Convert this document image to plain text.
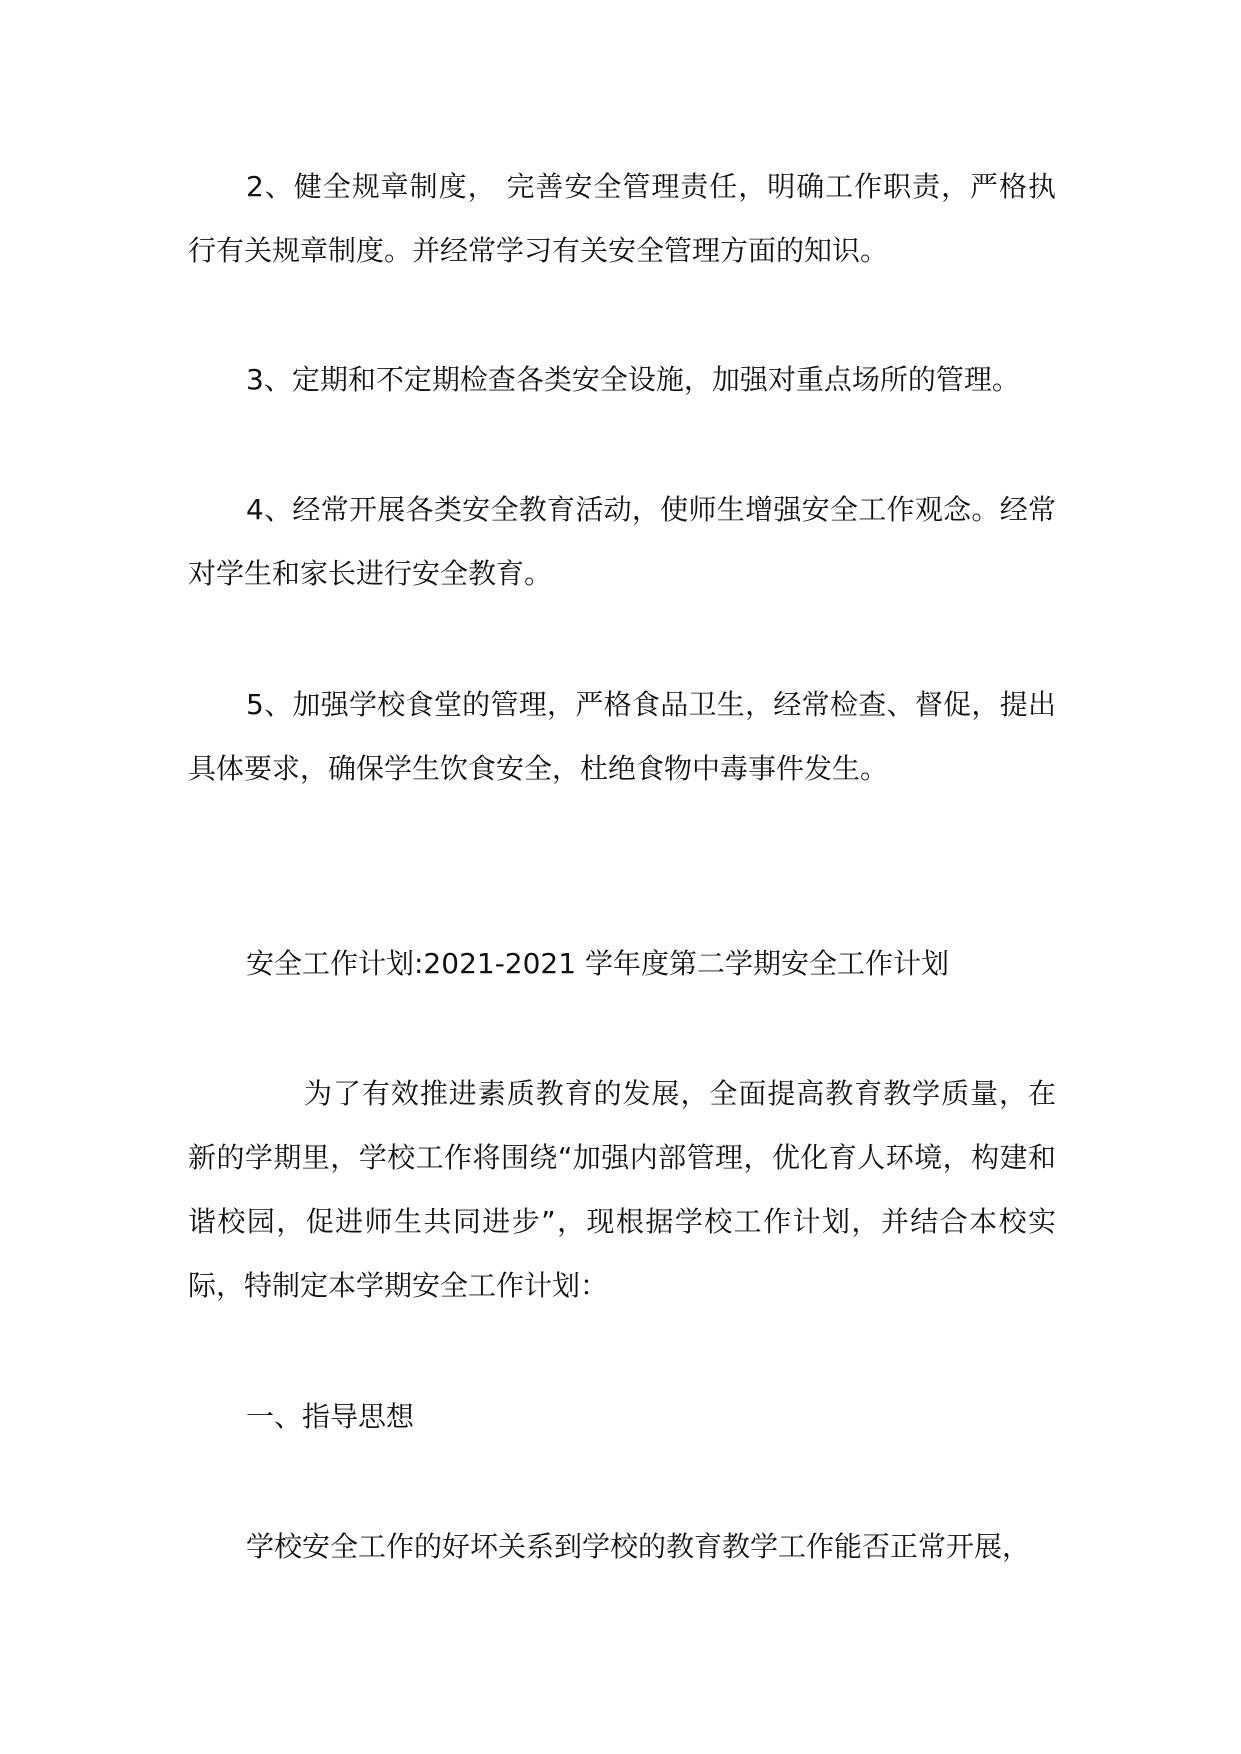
2、健全规章制度， 完善安全管理责任，明确工作职责，严格执行有关规章制度。并经常学习有关安全管理方面的知识。

3、定期和不定期检查各类安全设施，加强对重点场所的管理。

4、经常开展各类安全教育活动，使师生增强安全工作观念。经常对学生和家长进行安全教育。

5、加强学校食堂的管理，严格食品卫生，经常检查、督促，提出具体要求，确保学生饮食安全，杜绝食物中毒事件发生。

安全工作计划:2021-2021 学年度第二学期安全工作计划

为了有效推进素质教育的发展，全面提高教育教学质量，在新的学期里，学校工作将围绕“加强内部管理，优化育人环境，构建和谐校园，促进师生共同进步”，现根据学校工作计划，并结合本校实际，特制定本学期安全工作计划：

一、指导思想

学校安全工作的好坏关系到学校的教育教学工作能否正常开展，
